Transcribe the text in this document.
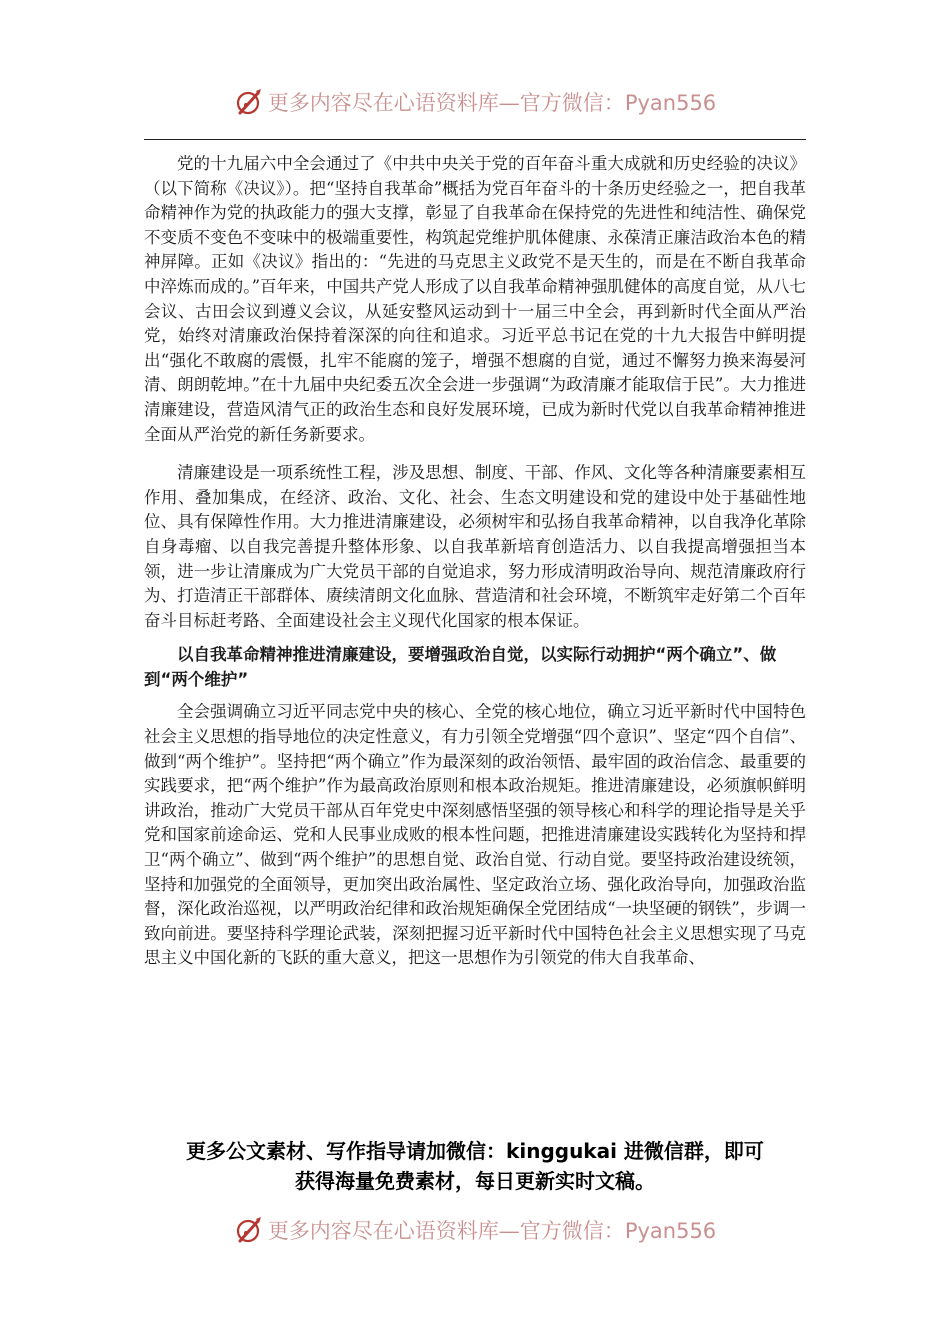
更多内容尽在心语资料库—官方微信：Pyan556

党的十九届六中全会通过了《中共中央关于党的百年奋斗重大成就和历史经验的决议》（以下简称《决议》）。把“坚持自我革命”概括为党百年奋斗的十条历史经验之一，把自我革命精神作为党的执政能力的强大支撑，彰显了自我革命在保持党的先进性和纯洁性、确保党不变质不变色不变味中的极端重要性，构筑起党维护肌体健康、永葆清正廉洁政治本色的精神屏障。正如《决议》指出的：“先进的马克思主义政党不是天生的，而是在不断自我革命中淬炼而成的。”百年来，中国共产党人形成了以自我革命精神强肌健体的高度自觉，从八七会议、古田会议到遵义会议，从延安整风运动到十一届三中全会，再到新时代全面从严治党，始终对清廉政治保持着深深的向往和追求。习近平总书记在党的十九大报告中鲜明提出“强化不敢腐的震慑，扎牢不能腐的笼子，增强不想腐的自觉，通过不懈努力换来海晏河清、朗朗乾坤。”在十九届中央纪委五次全会进一步强调“为政清廉才能取信于民”。大力推进清廉建设，营造风清气正的政治生态和良好发展环境，已成为新时代党以自我革命精神推进全面从严治党的新任务新要求。

清廉建设是一项系统性工程，涉及思想、制度、干部、作风、文化等各种清廉要素相互作用、叠加集成，在经济、政治、文化、社会、生态文明建设和党的建设中处于基础性地位、具有保障性作用。大力推进清廉建设，必须树牢和弘扬自我革命精神，以自我净化革除自身毒瘤、以自我完善提升整体形象、以自我革新培育创造活力、以自我提高增强担当本领，进一步让清廉成为广大党员干部的自觉追求，努力形成清明政治导向、规范清廉政府行为、打造清正干部群体、赓续清朗文化血脉、营造清和社会环境，不断筑牢走好第二个百年奋斗目标赶考路、全面建设社会主义现代化国家的根本保证。

以自我革命精神推进清廉建设，要增强政治自觉，以实际行动拥护“两个确立”、做到“两个维护”

全会强调确立习近平同志党中央的核心、全党的核心地位，确立习近平新时代中国特色社会主义思想的指导地位的决定性意义，有力引领全党增强“四个意识”、坚定“四个自信”、做到“两个维护”。坚持把“两个确立”作为最深刻的政治领悟、最牢固的政治信念、最重要的实践要求，把“两个维护”作为最高政治原则和根本政治规矩。推进清廉建设，必须旗帜鲜明讲政治，推动广大党员干部从百年党史中深刻感悟坚强的领导核心和科学的理论指导是关乎党和国家前途命运、党和人民事业成败的根本性问题，把推进清廉建设实践转化为坚持和捍卫“两个确立”、做到“两个维护”的思想自觉、政治自觉、行动自觉。要坚持政治建设统领，坚持和加强党的全面领导，更加突出政治属性、坚定政治立场、强化政治导向，加强政治监督，深化政治巡视，以严明政治纪律和政治规矩确保全党团结成“一块坚硬的钢铁”，步调一致向前进。要坚持科学理论武装，深刻把握习近平新时代中国特色社会主义思想实现了马克思主义中国化新的飞跃的重大意义，把这一思想作为引领党的伟大自我革命、

更多公文素材、写作指导请加微信：kinggukai 进微信群，即可
获得海量免费素材，每日更新实时文稿。
更多内容尽在心语资料库—官方微信：Pyan556
